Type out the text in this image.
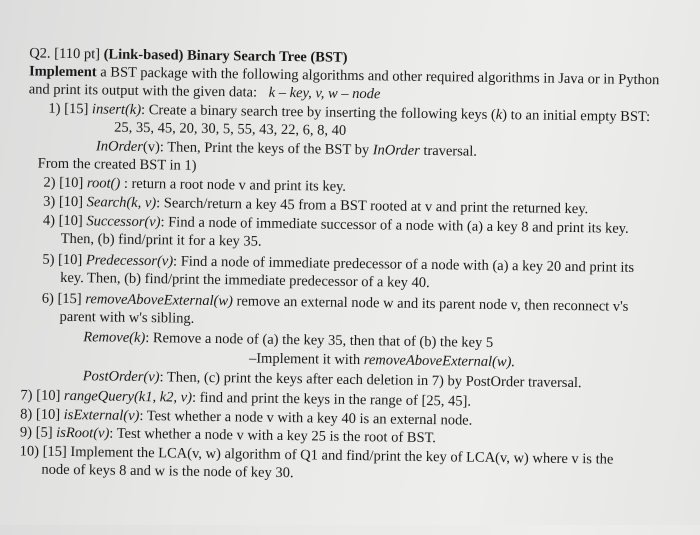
Q2. [110 pt] (Link-based) Binary Search Tree (BST)
Implement a BST package with the following algorithms and other required algorithms in Java or in Python
and print its output with the given data: k – key, v, w – node
1) [15] insert(k): Create a binary search tree by inserting the following keys (k) to an initial empty BST:
25, 35, 45, 20, 30, 5, 55, 43, 22, 6, 8, 40
InOrder(v): Then, Print the keys of the BST by InOrder traversal.
From the created BST in 1)
2) [10] root() : return a root node v and print its key.
3) [10] Search(k, v): Search/return a key 45 from a BST rooted at v and print the returned key.
4) [10] Successor(v): Find a node of immediate successor of a node with (a) a key 8 and print its key.
Then, (b) find/print it for a key 35.
5) [10] Predecessor(v): Find a node of immediate predecessor of a node with (a) a key 20 and print its
key. Then, (b) find/print the immediate predecessor of a key 40.
6) [15] removeAboveExternal(w) remove an external node w and its parent node v, then reconnect v's
parent with w's sibling.
Remove(k): Remove a node of (a) the key 35, then that of (b) the key 5
–Implement it with removeAboveExternal(w).
PostOrder(v): Then, (c) print the keys after each deletion in 7) by PostOrder traversal.
7) [10] rangeQuery(k1, k2, v): find and print the keys in the range of [25, 45].
8) [10] isExternal(v): Test whether a node v with a key 40 is an external node.
9) [5] isRoot(v): Test whether a node v with a key 25 is the root of BST.
10) [15] Implement the LCA(v, w) algorithm of Q1 and find/print the key of LCA(v, w) where v is the
node of keys 8 and w is the node of key 30.
